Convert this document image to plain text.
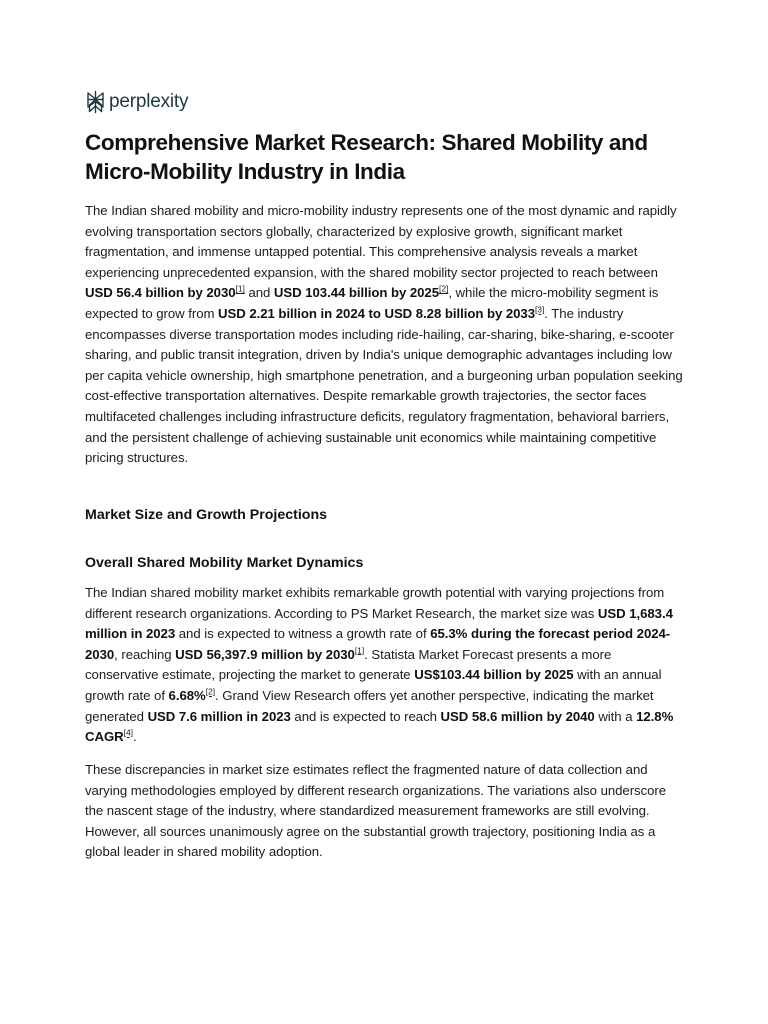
perplexity
Comprehensive Market Research: Shared Mobility and Micro-Mobility Industry in India

The Indian shared mobility and micro-mobility industry represents one of the most dynamic and rapidly evolving transportation sectors globally, characterized by explosive growth, significant market fragmentation, and immense untapped potential. This comprehensive analysis reveals a market experiencing unprecedented expansion, with the shared mobility sector projected to reach between USD 56.4 billion by 2030[1] and USD 103.44 billion by 2025[2], while the micro-mobility segment is expected to grow from USD 2.21 billion in 2024 to USD 8.28 billion by 2033[3]. The industry encompasses diverse transportation modes including ride-hailing, car-sharing, bike-sharing, e-scooter sharing, and public transit integration, driven by India's unique demographic advantages including low per capita vehicle ownership, high smartphone penetration, and a burgeoning urban population seeking cost-effective transportation alternatives. Despite remarkable growth trajectories, the sector faces multifaceted challenges including infrastructure deficits, regulatory fragmentation, behavioral barriers, and the persistent challenge of achieving sustainable unit economics while maintaining competitive pricing structures.

Market Size and Growth Projections
Overall Shared Mobility Market Dynamics

The Indian shared mobility market exhibits remarkable growth potential with varying projections from different research organizations. According to PS Market Research, the market size was USD 1,683.4 million in 2023 and is expected to witness a growth rate of 65.3% during the forecast period 2024-2030, reaching USD 56,397.9 million by 2030[1]. Statista Market Forecast presents a more conservative estimate, projecting the market to generate US$103.44 billion by 2025 with an annual growth rate of 6.68%[2]. Grand View Research offers yet another perspective, indicating the market generated USD 7.6 million in 2023 and is expected to reach USD 58.6 million by 2040 with a 12.8% CAGR[4].

These discrepancies in market size estimates reflect the fragmented nature of data collection and varying methodologies employed by different research organizations. The variations also underscore the nascent stage of the industry, where standardized measurement frameworks are still evolving. However, all sources unanimously agree on the substantial growth trajectory, positioning India as a global leader in shared mobility adoption.
